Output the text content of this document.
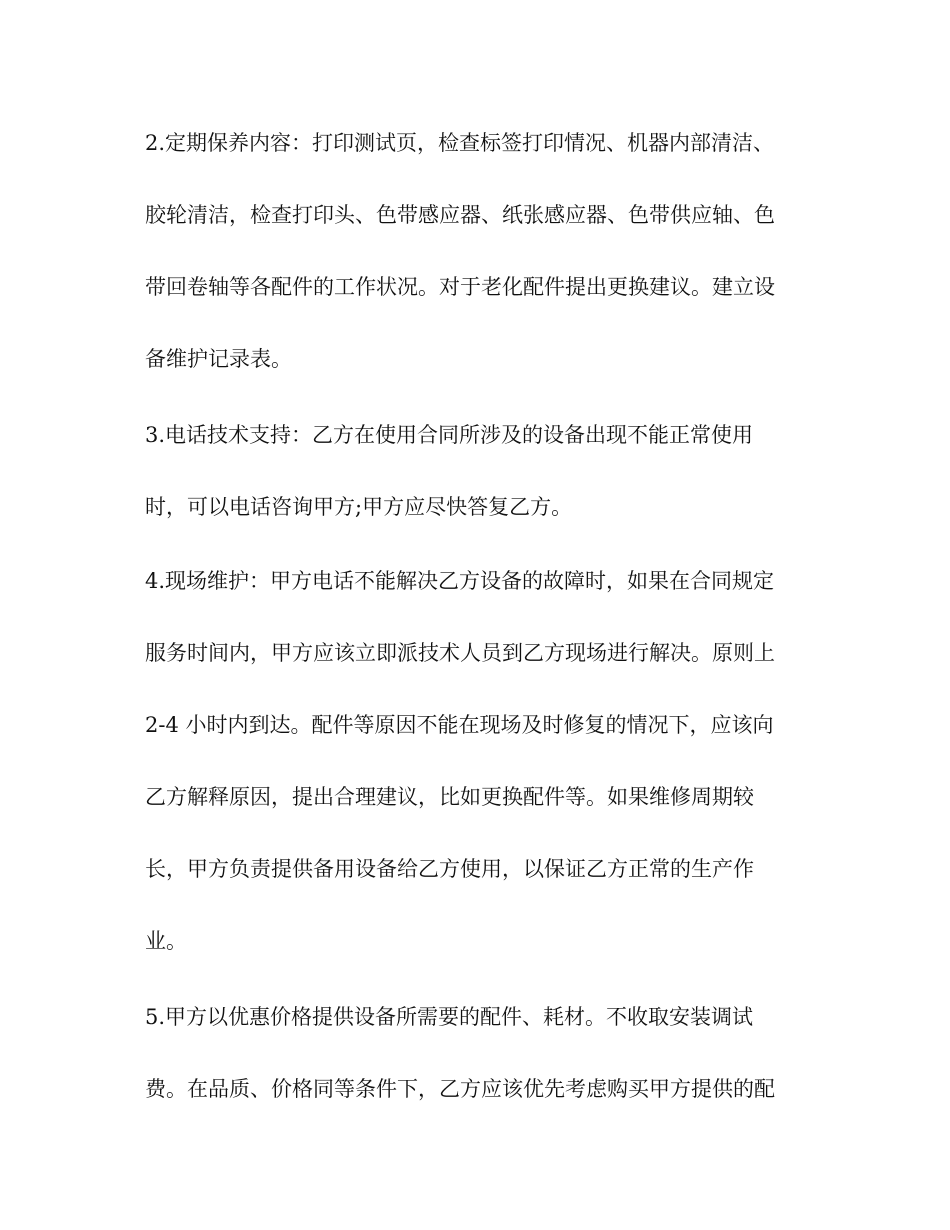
2.定期保养内容：打印测试页，检查标签打印情况、机器内部清洁、
胶轮清洁，检查打印头、色带感应器、纸张感应器、色带供应轴、色
带回卷轴等各配件的工作状况。对于老化配件提出更换建议。建立设
备维护记录表。
3.电话技术支持：乙方在使用合同所涉及的设备出现不能正常使用
时，可以电话咨询甲方;甲方应尽快答复乙方。
4.现场维护：甲方电话不能解决乙方设备的故障时，如果在合同规定
服务时间内，甲方应该立即派技术人员到乙方现场进行解决。原则上
2-4 小时内到达。配件等原因不能在现场及时修复的情况下，应该向
乙方解释原因，提出合理建议，比如更换配件等。如果维修周期较
长，甲方负责提供备用设备给乙方使用，以保证乙方正常的生产作
业。
5.甲方以优惠价格提供设备所需要的配件、耗材。不收取安装调试
费。在品质、价格同等条件下，乙方应该优先考虑购买甲方提供的配
